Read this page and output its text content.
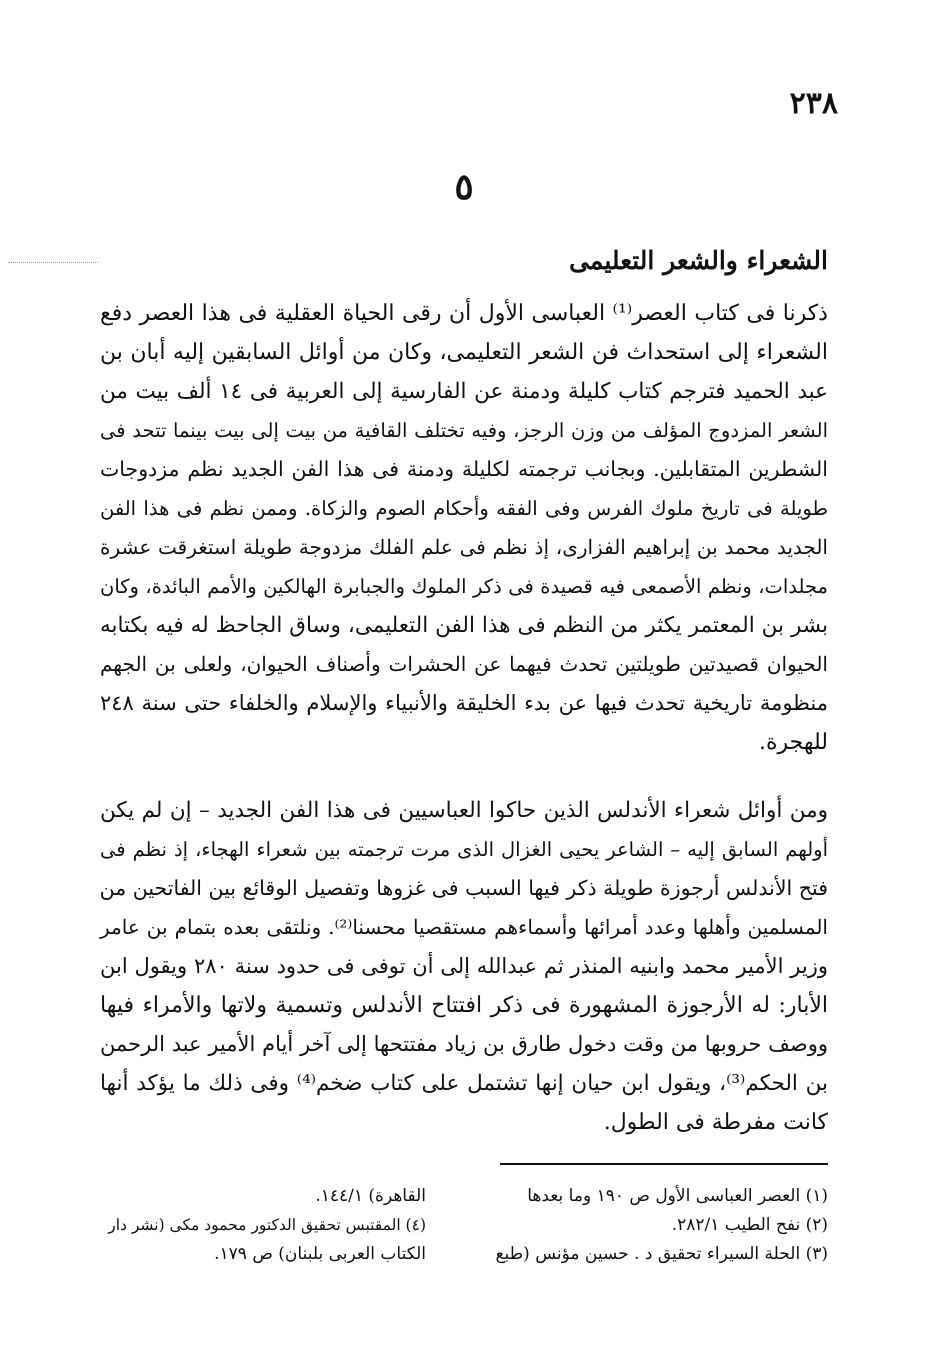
٢٣٨
٥
الشعراء والشعر التعليمى
ذكرنا فى كتاب العصر⁽¹⁾ العباسى الأول أن رقى الحياة العقلية فى هذا العصر دفع
الشعراء إلى استحداث فن الشعر التعليمى، وكان من أوائل السابقين إليه أبان بن
عبد الحميد فترجم كتاب كليلة ودمنة عن الفارسية إلى العربية فى ١٤ ألف بيت من
الشعر المزدوج المؤلف من وزن الرجز، وفيه تختلف القافية من بيت إلى بيت بينما تتحد فى
الشطرين المتقابلين. وبجانب ترجمته لكليلة ودمنة فى هذا الفن الجديد نظم مزدوجات
طويلة فى تاريخ ملوك الفرس وفى الفقه وأحكام الصوم والزكاة. وممن نظم فى هذا الفن
الجديد محمد بن إبراهيم الفزارى، إذ نظم فى علم الفلك مزدوجة طويلة استغرقت عشرة
مجلدات، ونظم الأصمعى فيه قصيدة فى ذكر الملوك والجبابرة الهالكين والأمم البائدة، وكان
بشر بن المعتمر يكثر من النظم فى هذا الفن التعليمى، وساق الجاحظ له فيه بكتابه
الحيوان قصيدتين طويلتين تحدث فيهما عن الحشرات وأصناف الحيوان، ولعلى بن الجهم
منظومة تاريخية تحدث فيها عن بدء الخليقة والأنبياء والإسلام والخلفاء حتى سنة ٢٤٨
للهجرة.
ومن أوائل شعراء الأندلس الذين حاكوا العباسيين فى هذا الفن الجديد – إن لم يكن
أولهم السابق إليه – الشاعر يحيى الغزال الذى مرت ترجمته بين شعراء الهجاء، إذ نظم فى
فتح الأندلس أرجوزة طويلة ذكر فيها السبب فى غزوها وتفصيل الوقائع بين الفاتحين من
المسلمين وأهلها وعدد أمرائها وأسماءهم مستقصيا محسنا⁽²⁾. ونلتقى بعده بتمام بن عامر
وزير الأمير محمد وابنيه المنذر ثم عبدالله إلى أن توفى فى حدود سنة ٢٨٠ ويقول ابن
الأبار: له الأرجوزة المشهورة فى ذكر افتتاح الأندلس وتسمية ولاتها والأمراء فيها
ووصف حروبها من وقت دخول طارق بن زياد مفتتحها إلى آخر أيام الأمير عبد الرحمن
بن الحكم⁽³⁾، ويقول ابن حيان إنها تشتمل على كتاب ضخم⁽⁴⁾ وفى ذلك ما يؤكد أنها
كانت مفرطة فى الطول.
(١) العصر العباسى الأول ص ١٩٠ وما بعدها
(٢) نفح الطيب ٢٨٢/١.
(٣) الحلة السيراء تحقيق د . حسين مؤنس (طبع
القاهرة) ١٤٤/١.
(٤) المقتبس تحقيق الدكتور محمود مكى (نشر دار
الكتاب العربى بلبنان) ص ١٧٩.
